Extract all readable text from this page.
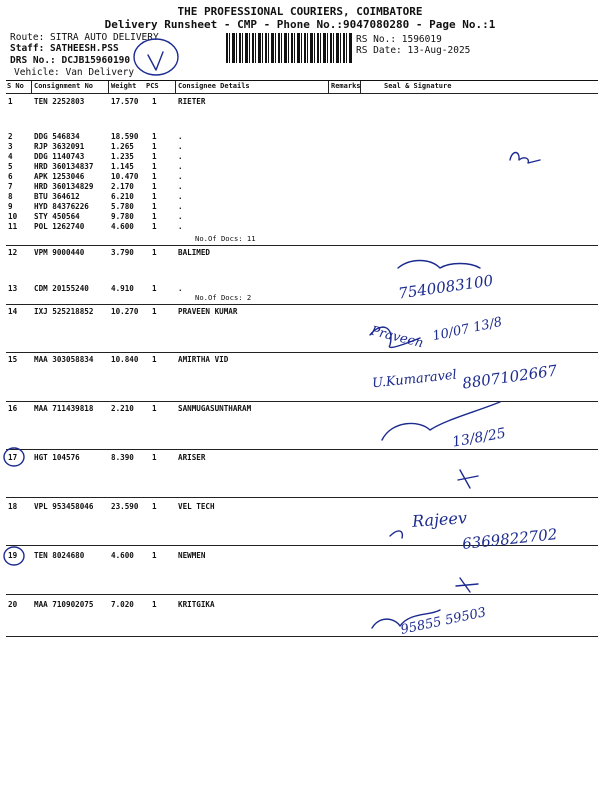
THE PROFESSIONAL COURIERS, COIMBATORE
Delivery Runsheet - CMP - Phone No.:9047080280 - Page No.:1
Route: SITRA AUTO DELIVERY
Staff: SATHEESH.PSS
DRS No.: DCJB15960190
Vehicle: Van Delivery
RS No.: 1596019
RS Date: 13-Aug-2025
S No Consignment No	Weight PCS	Consignee Details	Remarks	Seal & Signature
1	TEN 2252803	17.570 1	RIETER
2	DDG 546834	18.590 1	.
3	RJP 3632091	1.265 1	.
4	DDG 1140743	1.235 1	.
5	HRD 360134837 1.145 1	.
6	APK 1253046	10.470 1	.
7	HRD 360134829 2.170 1	.
8	BTU 364612	6.210 1	.
9	HYD 84376226	5.780 1	.
10 STY 450564	9.780 1	.
11 POL 1262740	4.600 1	.
No.Of Docs: 11
12 VPM 9000440	3.790 1	BALIMED
13 CDM 20155240	4.910 1	.
No.Of Docs: 2
14 IXJ 525218852 10.270 1	PRAVEEN KUMAR
15 MAA 303058834 10.840 1	AMIRTHA VID
16 MAA 711439818 2.210 1	SANMUGASUNTHARAM
17 HGT 104576	8.390 1	ARISER
18 VPL 953458046 23.590 1	VEL TECH
19 TEN 8024680	4.600 1	NEWMEN
20 MAA 710902075 7.020 1	KRITGIKA
7540083100
Praveen 10/07 13/8
U.Kumaravel 8807102667
13/8/25
Rajeev
6369822702
95855 59503
